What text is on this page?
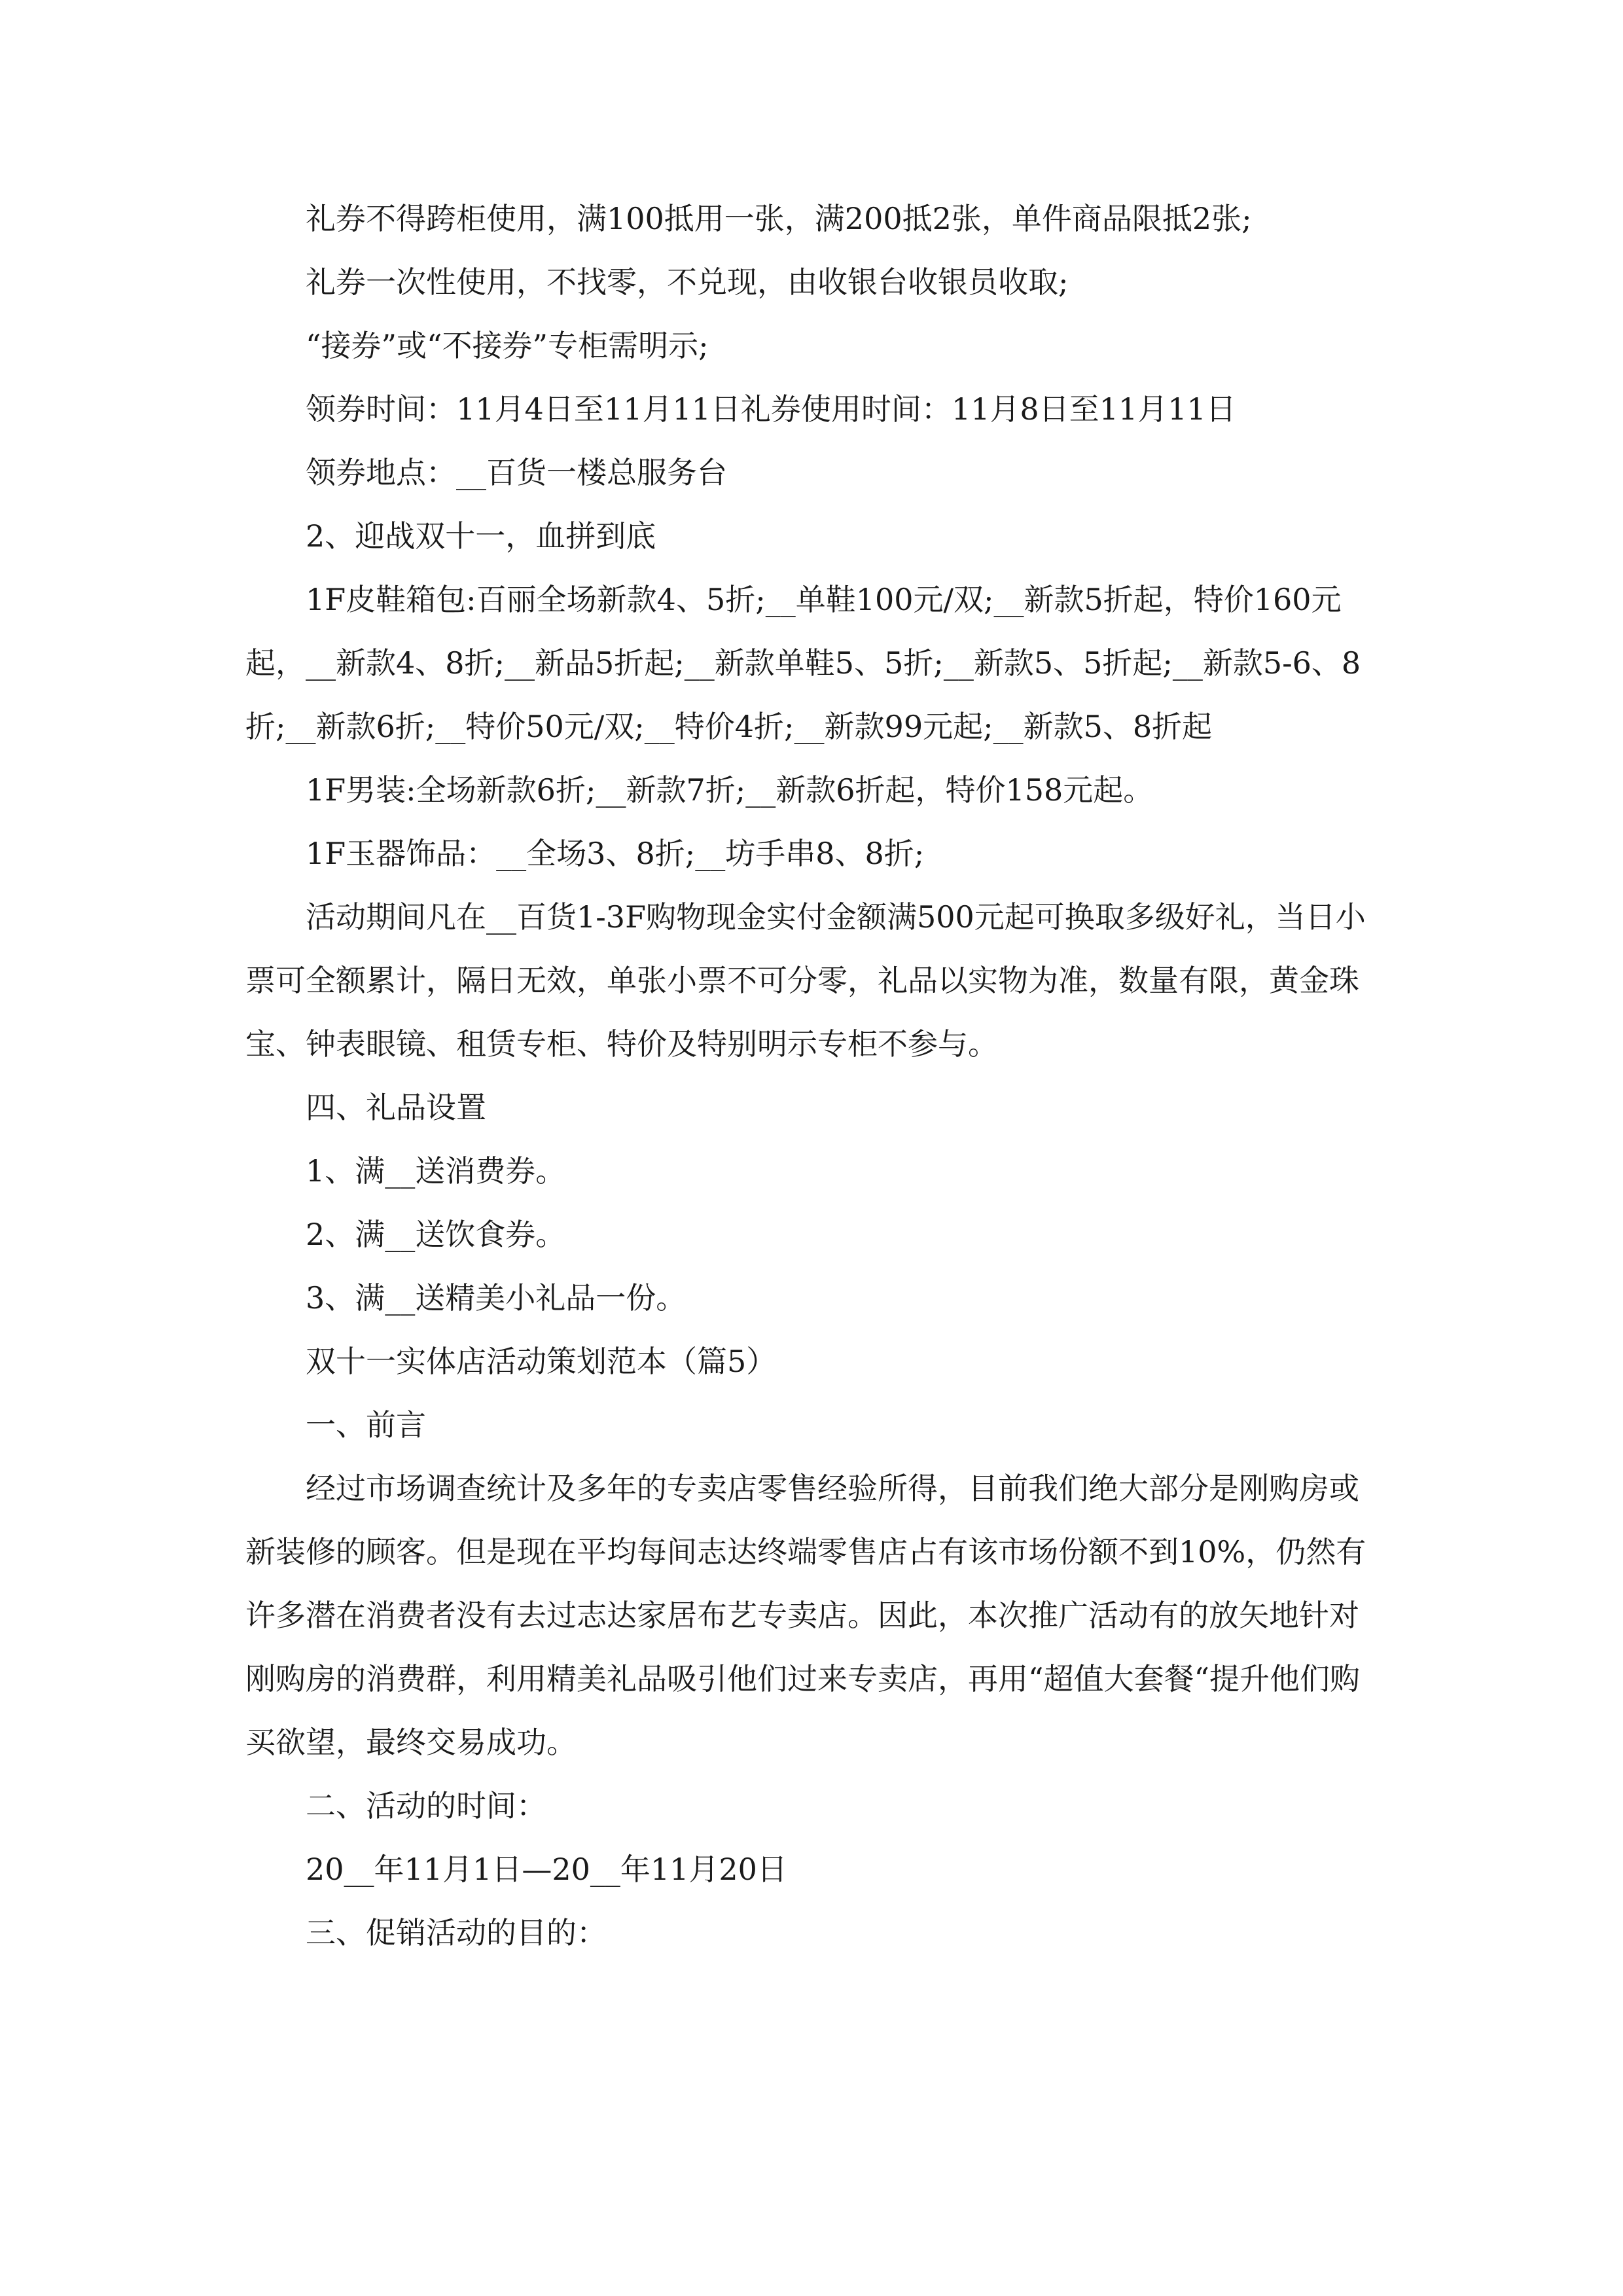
礼券不得跨柜使用，满100抵用一张，满200抵2张，单件商品限抵2张;

礼券一次性使用，不找零，不兑现，由收银台收银员收取;

“接券”或“不接券”专柜需明示;

领券时间：11月4日至11月11日礼券使用时间：11月8日至11月11日

领券地点：__百货一楼总服务台

2、迎战双十一，血拼到底

1F皮鞋箱包:百丽全场新款4、5折;__单鞋100元/双;__新款5折起，特价160元起，__新款4、8折;__新品5折起;__新款单鞋5、5折;__新款5、5折起;__新款5-6、8折;__新款6折;__特价50元/双;__特价4折;__新款99元起;__新款5、8折起

1F男装:全场新款6折;__新款7折;__新款6折起，特价158元起。

1F玉器饰品：__全场3、8折;__坊手串8、8折;

活动期间凡在__百货1-3F购物现金实付金额满500元起可换取多级好礼，当日小票可全额累计，隔日无效，单张小票不可分零，礼品以实物为准，数量有限，黄金珠宝、钟表眼镜、租赁专柜、特价及特别明示专柜不参与。

四、礼品设置

1、满__送消费券。

2、满__送饮食券。

3、满__送精美小礼品一份。

双十一实体店活动策划范本（篇5）

一、前言

经过市场调查统计及多年的专卖店零售经验所得，目前我们绝大部分是刚购房或新装修的顾客。但是现在平均每间志达终端零售店占有该市场份额不到10%，仍然有许多潜在消费者没有去过志达家居布艺专卖店。因此，本次推广活动有的放矢地针对刚购房的消费群，利用精美礼品吸引他们过来专卖店，再用“超值大套餐“提升他们购买欲望，最终交易成功。

二、活动的时间：

20__年11月1日—20__年11月20日

三、促销活动的目的：
